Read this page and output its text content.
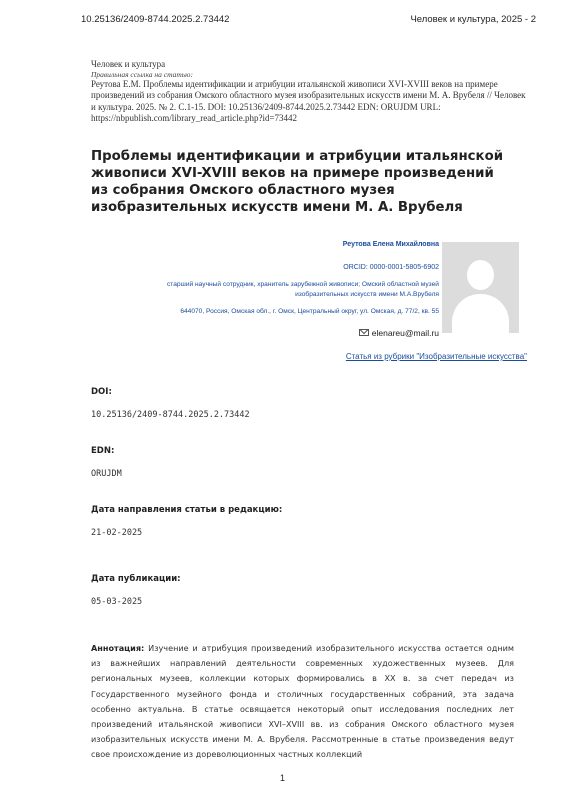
10.25136/2409-8744.2025.2.73442	Человек и культура, 2025 - 2
Человек и культура
Правильная ссылка на статью:
Реутова Е.М. Проблемы идентификации и атрибуции итальянской живописи XVI-XVIII веков на примере произведений из собрания Омского областного музея изобразительных искусств имени М. А. Врубеля // Человек и культура. 2025. № 2. С.1-15. DOI: 10.25136/2409-8744.2025.2.73442 EDN: ORUJDM URL: https://nbpublish.com/library_read_article.php?id=73442
Проблемы идентификации и атрибуции итальянской живописи XVI-XVIII веков на примере произведений из собрания Омского областного музея изобразительных искусств имени М. А. Врубеля
Реутова Елена Михайловна
ORCID: 0000-0001-5805-6902
старший научный сотрудник, хранитель зарубежной живописи; Омский областной музей изобразительных искусств имени М.А.Врубеля
644070, Россия, Омская обл., г. Омск, Центральный округ, ул. Омская, д. 77/2, кв. 55
elenareu@mail.ru
Статья из рубрики "Изобразительные искусства"
DOI:
10.25136/2409-8744.2025.2.73442
EDN:
ORUJDM
Дата направления статьи в редакцию:
21-02-2025
Дата публикации:
05-03-2025

Аннотация: Изучение и атрибуция произведений изобразительного искусства остается одним из важнейших направлений деятельности современных художественных музеев. Для региональных музеев, коллекции которых формировались в ХХ в. за счет передач из Государственного музейного фонда и столичных государственных собраний, эта задача особенно актуальна. В статье освящается некоторый опыт исследования последних лет произведений итальянской живописи XVI–XVIII вв. из собрания Омского областного музея изобразительных искусств имени М. А. Врубеля. Рассмотренные в статье произведения ведут свое происхождение из дореволюционных частных коллекций

1
